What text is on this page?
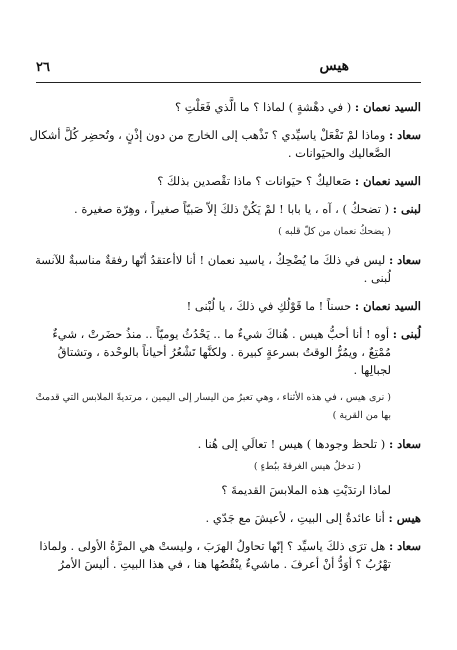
٢٦	هيس
السيد نعمان : ( في دهْشةٍ ) لماذا ؟ ما الَّذي فَعَلْتِ ؟
سعاد : وماذا لمْ تَفْعَلْ ياسيِّدي ؟ تَذْهب إلى الخارج من دون إذْنٍ ، وتُحضِر كُلَّ أشكال
الصَّعاليك والحيَوانات .
السيد نعمان : صَعاليكٌ ؟ حيَوانات ؟ ماذا تقْصدين بذلكَ ؟
لبنى : ( تضحكُ ) ، آه ، يا بابا ! لمْ يَكُنْ ذلكَ إلاّ صَبيّاً صغيراً ، وهِرّة صغيرة .
( يضحكُ نعمان من كلّ قلبه )
سعاد : ليس في ذلكَ ما يُضْحِكُ ، ياسيد نعمان ! أنا لاأعتقدُ أنّها رفقةٌ مناسبةٌ للآنسة
لُبنى .
السيد نعمان : حسناً ! ما قَوْلُكِ في ذلكَ ، يا لُبْنى !
لُبنى : أوه ! أنا أحبُّ هيس . هُناكَ شيءٌ ما .. يَحْدُثُ يوميّاً .. منذُ حضَرتْ ، شيءٌ
مُمْتِعٌ ، ويمُرُّ الوقتُ بسرعةٍ كبيرة . ولكنَّها تَشْعُرُ أحياناً بالوحْدة ، وتشتاقُ
لجبالِها .
( نرى هيس ، في هذه الأثناء ، وهي تعبرُ من اليسار إلى اليمين ، مرتديةً الملابس التي قدمتْ
بها من القرية )
سعاد : ( تلحظ وجودها ) هيس ! تعالَي إلى هُنا .
( تدخلُ هيس الغرفةَ ببُطءٍ )
لماذا ارتدَيْتِ هذه الملابسَ القديمةَ ؟
هيس : أنا عائدةٌ إلى البيتِ ، لأعيشَ مع جَدّي .
سعاد : هل ترَى ذلكَ ياسيِّد ؟ إنّها تحاولُ الهرَبَ ، وليستْ هي المرَّةُ الأولى . ولماذا
تهْرُبُ ؟ أوَدُّ أنْ أعرفَ . ماشيءٌ ينْقُصُها هنا ، في هذا البيتِ . أليسَ الأمرُ
